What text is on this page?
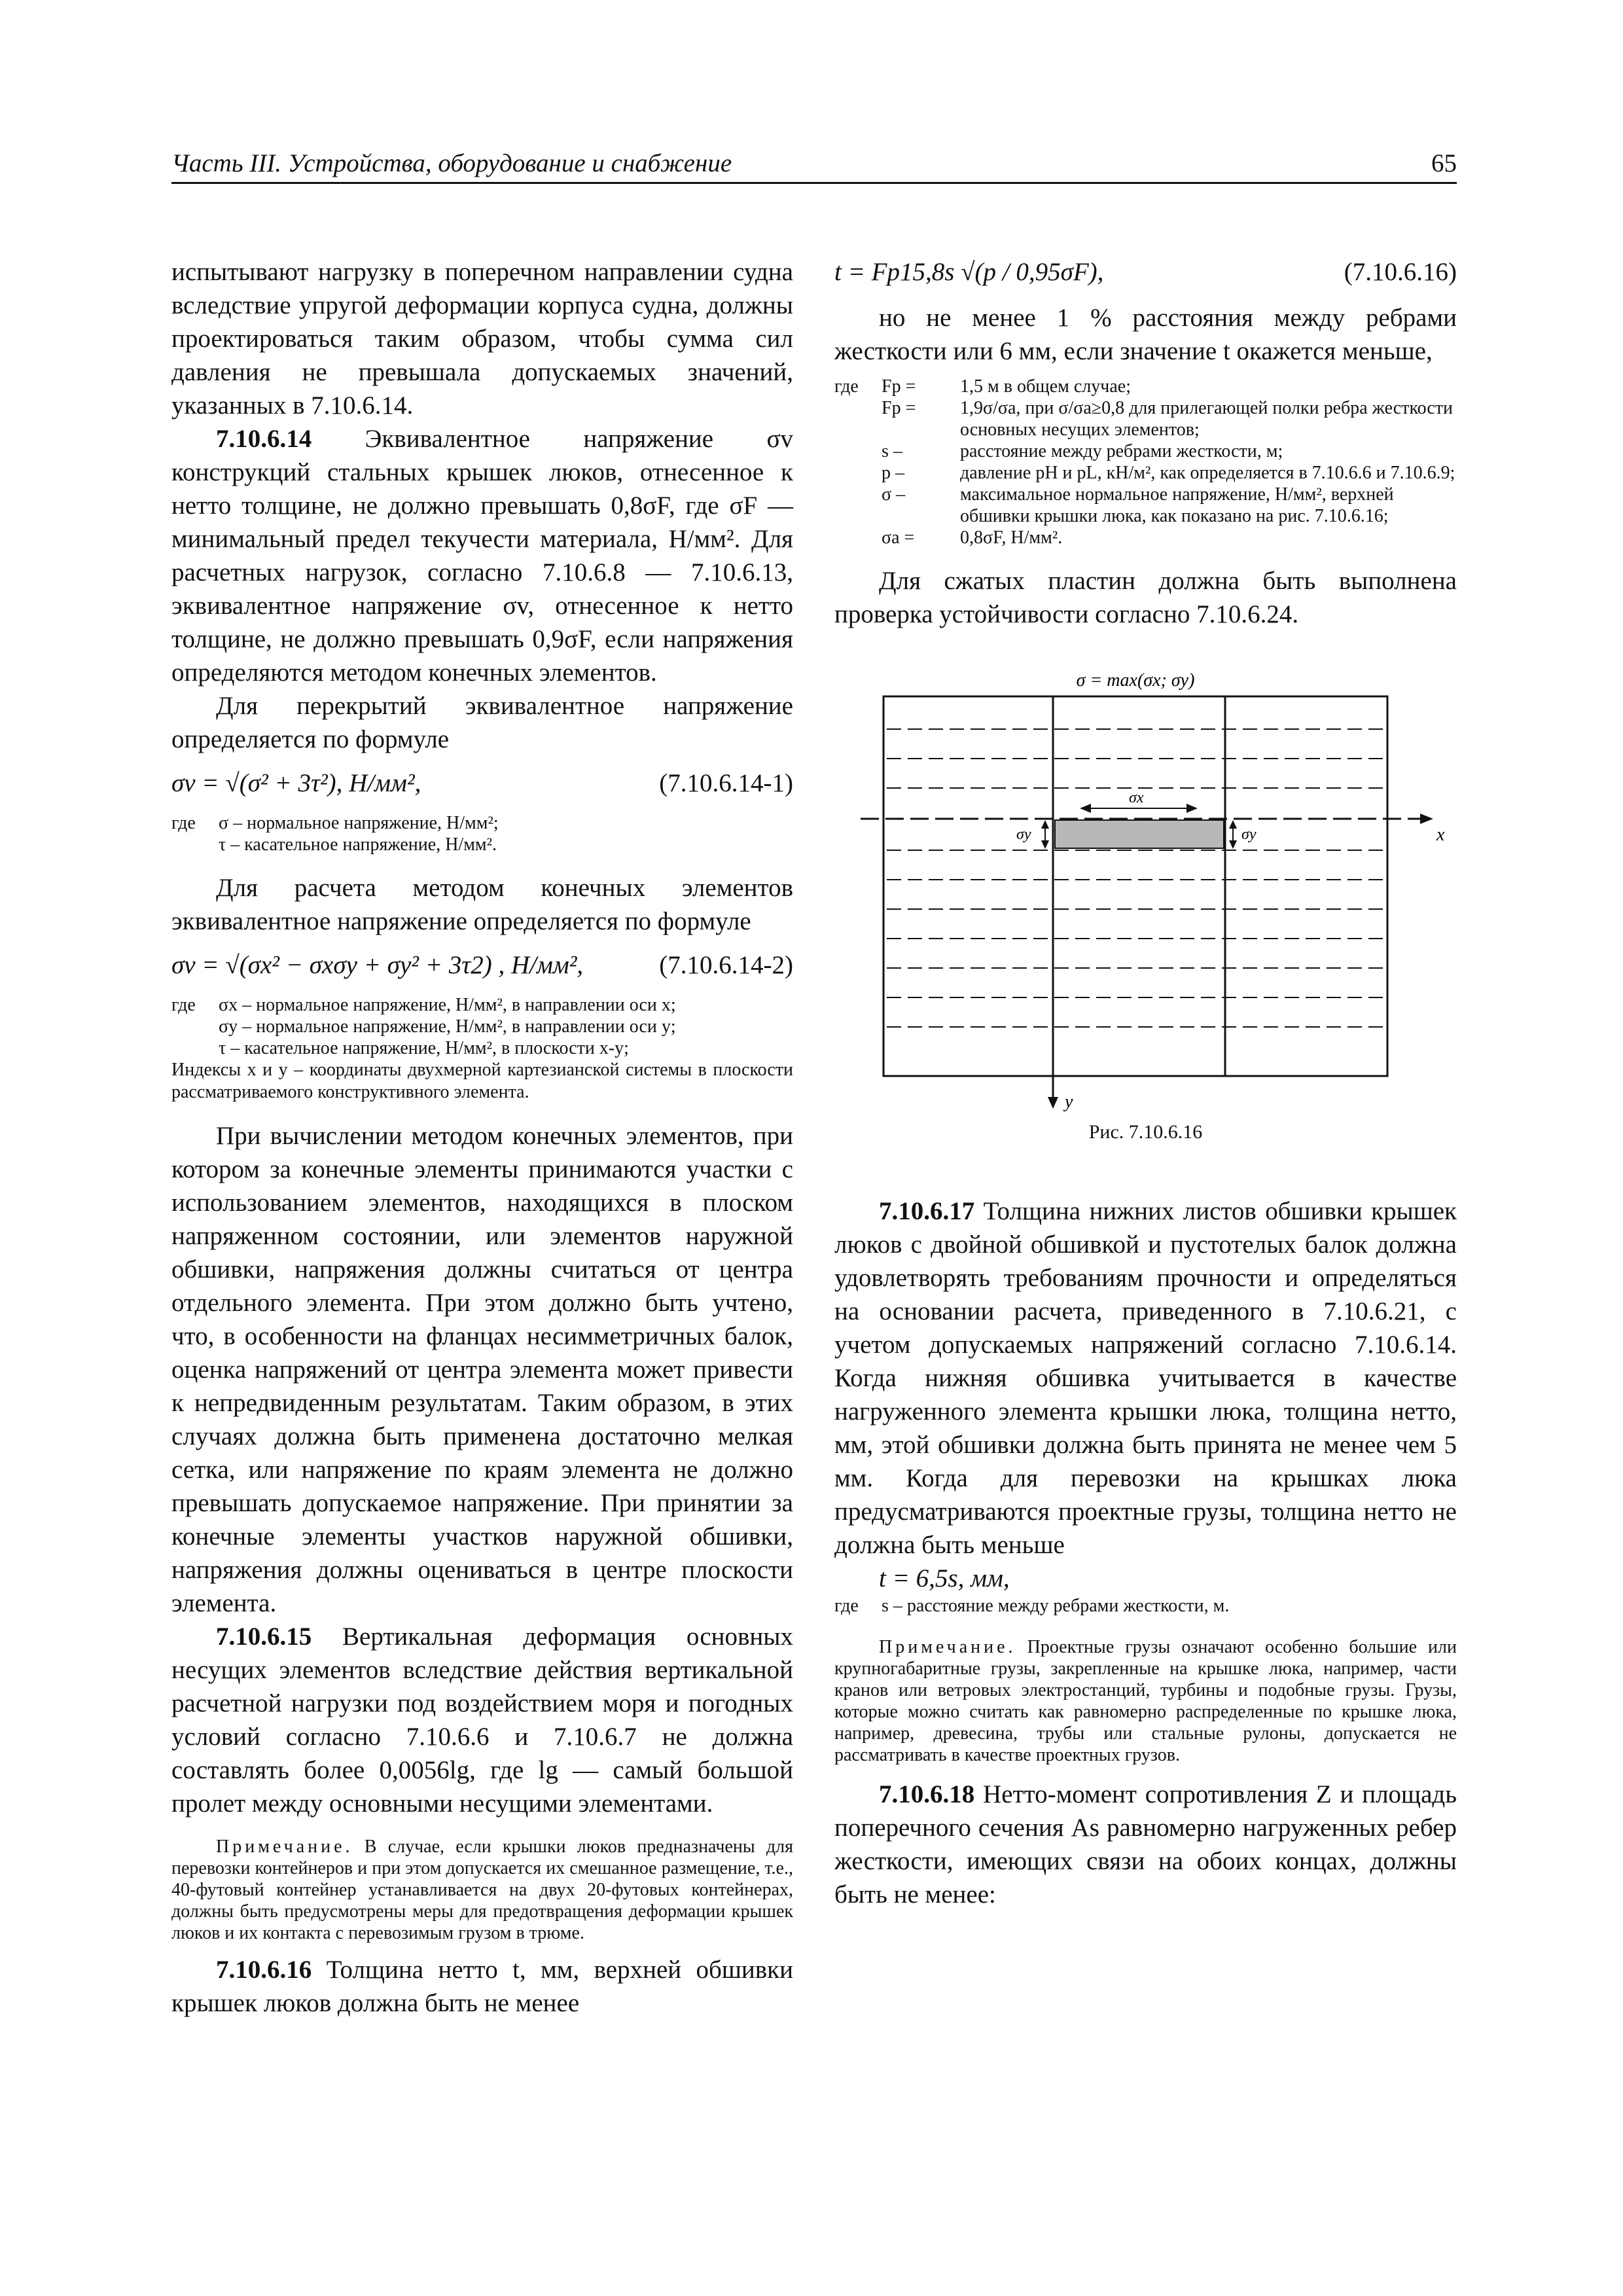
Часть III. Устройства, оборудование и снабжение	65

испытывают нагрузку в поперечном направлении судна вследствие упругой деформации корпуса судна, должны проектироваться таким образом, чтобы сумма сил давления не превышала допускаемых значений, указанных в 7.10.6.14.

7.10.6.14 Эквивалентное напряжение σv конструкций стальных крышек люков, отнесенное к нетто толщине, не должно превышать 0,8σF, где σF — минимальный предел текучести материала, Н/мм². Для расчетных нагрузок, согласно 7.10.6.8 — 7.10.6.13, эквивалентное напряжение σv, отнесенное к нетто толщине, не должно превышать 0,9σF, если напряжения определяются методом конечных элементов.

Для перекрытий эквивалентное напряжение определяется по формуле

σv = √(σ² + 3τ²), Н/мм²,	(7.10.6.14-1)
где	σ – нормальное напряжение, Н/мм²;
τ – касательное напряжение, Н/мм².

Для расчета методом конечных элементов эквивалентное напряжение определяется по формуле

σv = √(σx² − σxσy + σy² + 3τ2) , Н/мм²,	(7.10.6.14-2)
где	σx – нормальное напряжение, Н/мм², в направлении оси x;
σy – нормальное напряжение, Н/мм², в направлении оси y;
τ – касательное напряжение, Н/мм², в плоскости x-y;

Индексы x и y – координаты двухмерной картезианской системы в плоскости рассматриваемого конструктивного элемента.

При вычислении методом конечных элементов, при котором за конечные элементы принимаются участки с использованием элементов, находящихся в плоском напряженном состоянии, или элементов наружной обшивки, напряжения должны считаться от центра отдельного элемента. При этом должно быть учтено, что, в особенности на фланцах несимметричных балок, оценка напряжений от центра элемента может привести к непредвиденным результатам. Таким образом, в этих случаях должна быть применена достаточно мелкая сетка, или напряжение по краям элемента не должно превышать допускаемое напряжение. При принятии за конечные элементы участков наружной обшивки, напряжения должны оцениваться в центре плоскости элемента.

7.10.6.15 Вертикальная деформация основных несущих элементов вследствие действия вертикальной расчетной нагрузки под воздействием моря и погодных условий согласно 7.10.6.6 и 7.10.6.7 не должна составлять более 0,0056lg, где lg — самый большой пролет между основными несущими элементами.

Примечание. В случае, если крышки люков предназначены для перевозки контейнеров и при этом допускается их смешанное размещение, т.е., 40-футовый контейнер устанавливается на двух 20-футовых контейнерах, должны быть предусмотрены меры для предотвращения деформации крышек люков и их контакта с перевозимым грузом в трюме.

7.10.6.16 Толщина нетто t, мм, верхней обшивки крышек люков должна быть не менее

t = Fp15,8s √(p / 0,95σF),	(7.10.6.16)

но не менее 1 % расстояния между ребрами жесткости или 6 мм, если значение t окажется меньше,

где	Fp =	1,5 м в общем случае;
Fp =	1,9σ/σa, при σ/σa≥0,8 для прилегающей полки ребра жесткости основных несущих элементов;
s –	расстояние между ребрами жесткости, м;
p –	давление pH и pL, кН/м², как определяется в 7.10.6.6 и 7.10.6.9;
σ –	максимальное нормальное напряжение, Н/мм², верхней обшивки крышки люка, как показано на рис. 7.10.6.16;
σa =	0,8σF, Н/мм².

Для сжатых пластин должна быть выполнена проверка устойчивости согласно 7.10.6.24.

σ = max(σx; σy)
x
y
σx
σy	σy
Рис. 7.10.6.16

7.10.6.17 Толщина нижних листов обшивки крышек люков с двойной обшивкой и пустотелых балок должна удовлетворять требованиям прочности и определяться на основании расчета, приведенного в 7.10.6.21, с учетом допускаемых напряжений согласно 7.10.6.14. Когда нижняя обшивка учитывается в качестве нагруженного элемента крышки люка, толщина нетто, мм, этой обшивки должна быть принята не менее чем 5 мм. Когда для перевозки на крышках люка предусматриваются проектные грузы, толщина нетто не должна быть меньше

t = 6,5s, мм,

где	s – расстояние между ребрами жесткости, м.

Примечание. Проектные грузы означают особенно большие или крупногабаритные грузы, закрепленные на крышке люка, например, части кранов или ветровых электростанций, турбины и подобные грузы. Грузы, которые можно считать как равномерно распределенные по крышке люка, например, древесина, трубы или стальные рулоны, допускается не рассматривать в качестве проектных грузов.

7.10.6.18 Нетто-момент сопротивления Z и площадь поперечного сечения As равномерно нагруженных ребер жесткости, имеющих связи на обоих концах, должны быть не менее:
